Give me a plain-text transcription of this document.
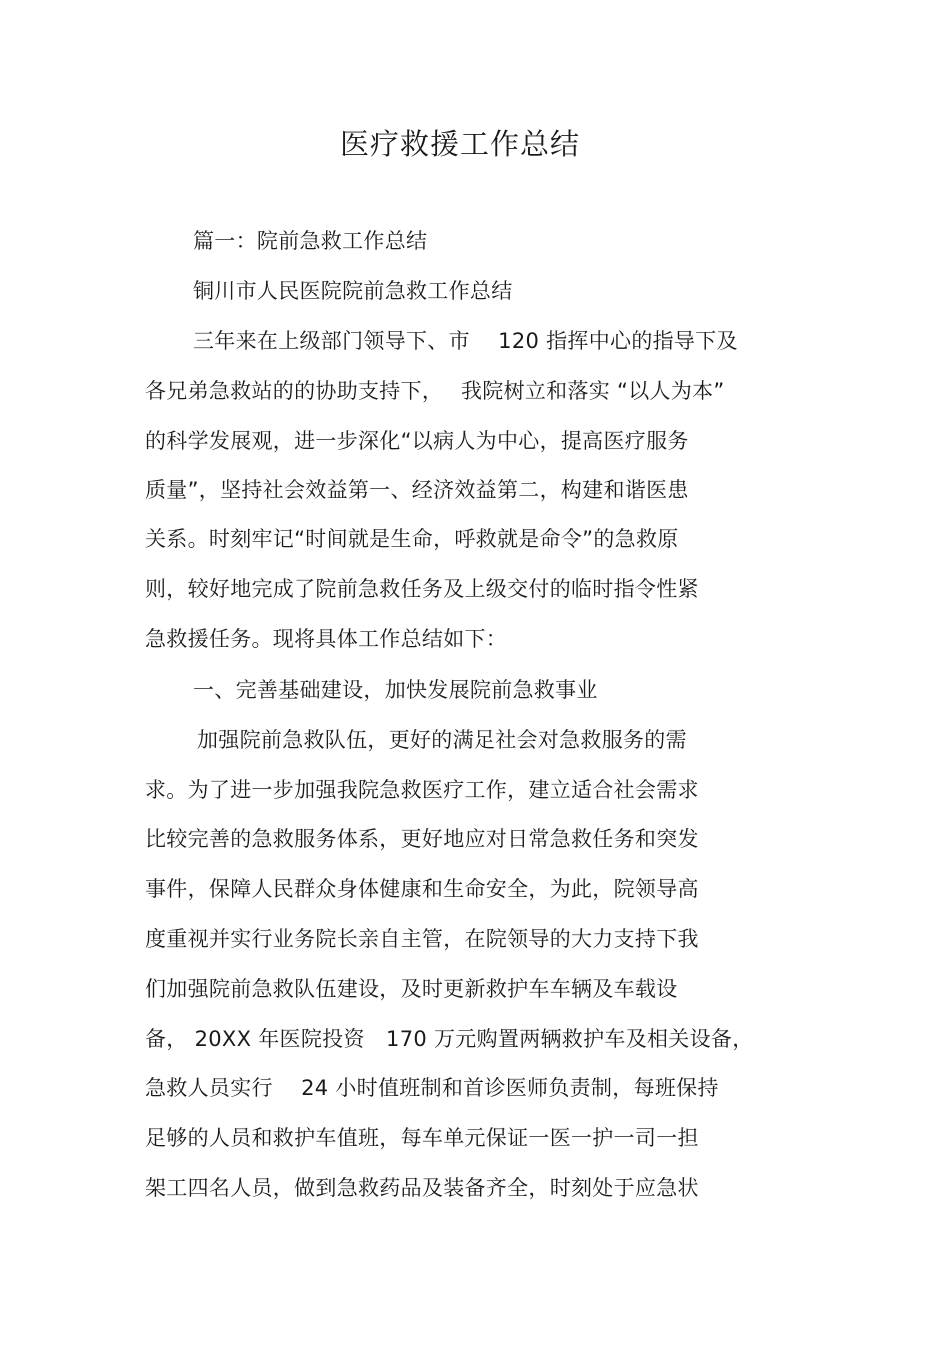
医疗救援工作总结
篇一：院前急救工作总结
铜川市人民医院院前急救工作总结
三年来在上级部门领导下、市　 120 指挥中心的指导下及
各兄弟急救站的的协助支持下，　 我院树立和落实 “以人为本”
的科学发展观，进一步深化“以病人为中心，提高医疗服务
质量”，坚持社会效益第一、经济效益第二，构建和谐医患
关系。时刻牢记“时间就是生命，呼救就是命令”的急救原
则，较好地完成了院前急救任务及上级交付的临时指令性紧
急救援任务。现将具体工作总结如下：
一、完善基础建设，加快发展院前急救事业
加强院前急救队伍，更好的满足社会对急救服务的需
求。为了进一步加强我院急救医疗工作，建立适合社会需求
比较完善的急救服务体系，更好地应对日常急救任务和突发
事件，保障人民群众身体健康和生命安全，为此，院领导高
度重视并实行业务院长亲自主管，在院领导的大力支持下我
们加强院前急救队伍建设，及时更新救护车车辆及车载设
备， 20XX 年医院投资　170 万元购置两辆救护车及相关设备，
急救人员实行　 24 小时值班制和首诊医师负责制，每班保持
足够的人员和救护车值班，每车单元保证一医一护一司一担
架工四名人员，做到急救药品及装备齐全，时刻处于应急状
